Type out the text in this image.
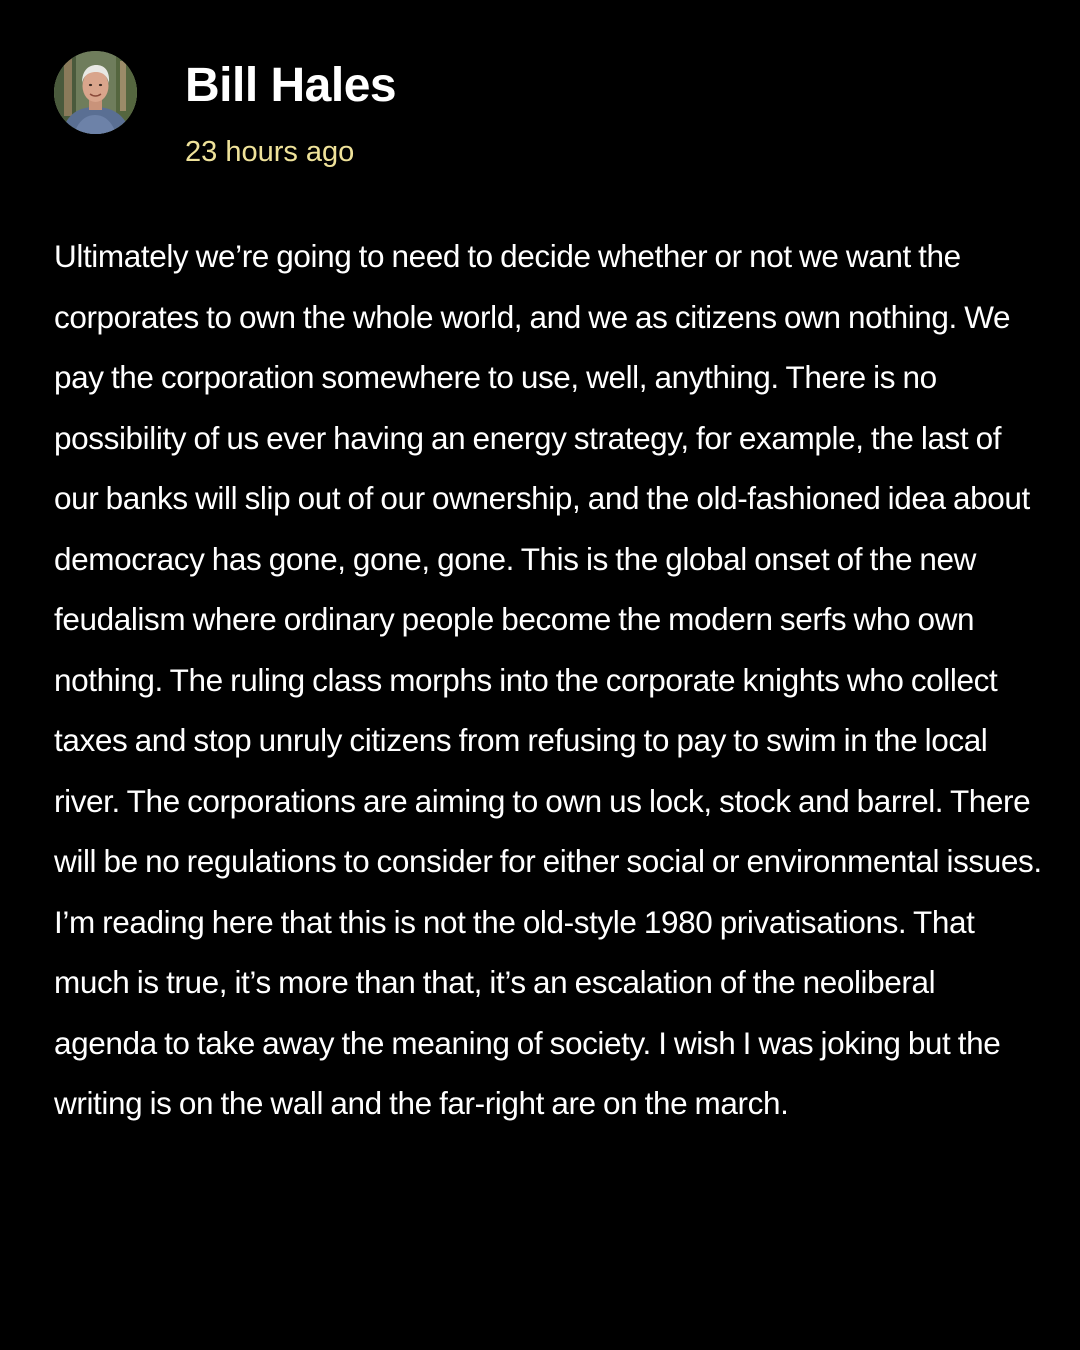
Bill Hales
23 hours ago

Ultimately we’re going to need to decide whether or not we want the corporates to own the whole world, and we as citizens own nothing. We pay the corporation somewhere to use, well, anything. There is no possibility of us ever having an energy strategy, for example, the last of our banks will slip out of our ownership, and the old-fashioned idea about democracy has gone, gone, gone. This is the global onset of the new feudalism where ordinary people become the modern serfs who own nothing. The ruling class morphs into the corporate knights who collect taxes and stop unruly citizens from refusing to pay to swim in the local river. The corporations are aiming to own us lock, stock and barrel. There will be no regulations to consider for either social or environmental issues. I’m reading here that this is not the old-style 1980 privatisations. That much is true, it’s more than that, it’s an escalation of the neoliberal agenda to take away the meaning of society. I wish I was joking but the writing is on the wall and the far-right are on the march.
